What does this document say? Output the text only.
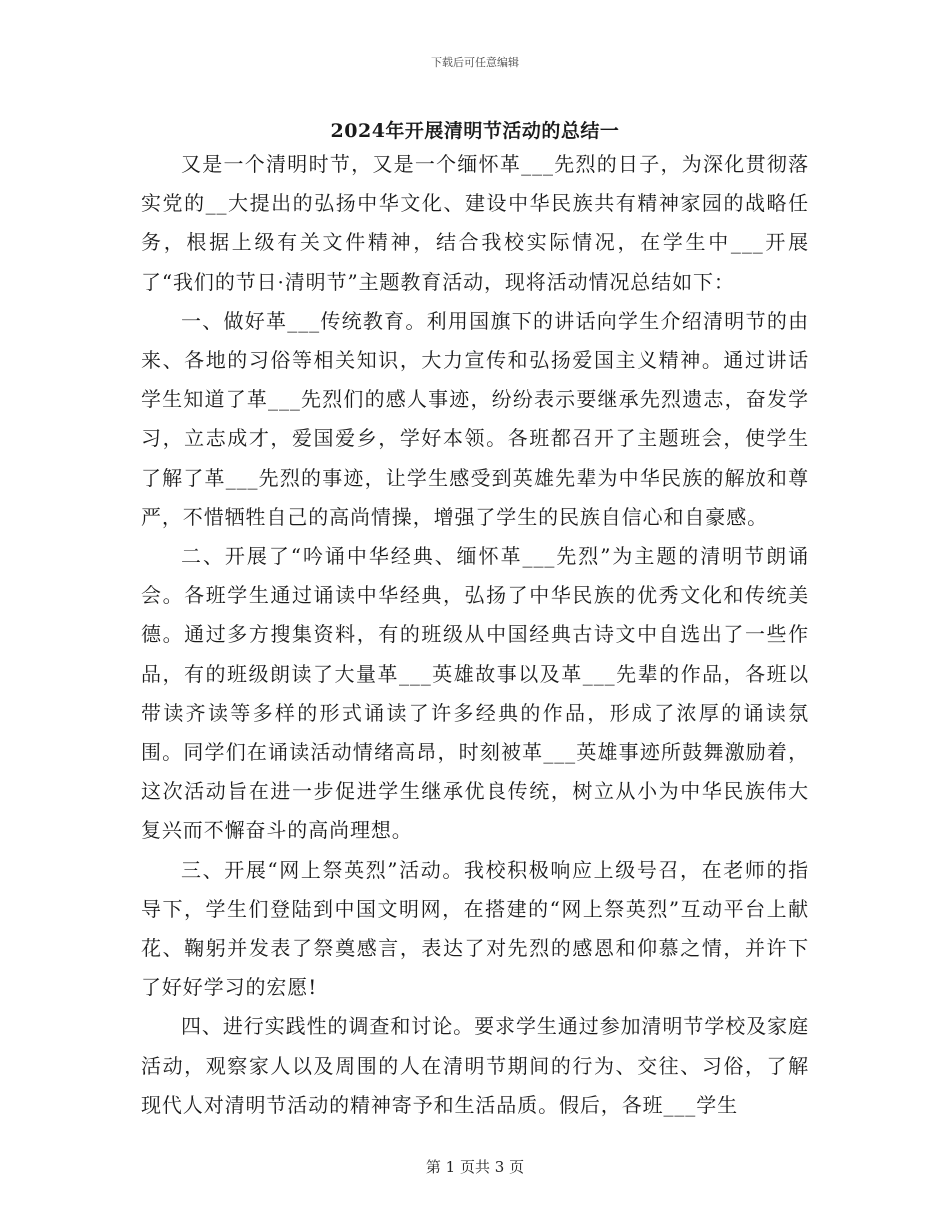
下载后可任意编辑
2024年开展清明节活动的总结一

又是一个清明时节，又是一个缅怀革___先烈的日子，为深化贯彻落实党的__大提出的弘扬中华文化、建设中华民族共有精神家园的战略任务，根据上级有关文件精神，结合我校实际情况，在学生中___开展了“我们的节日·清明节”主题教育活动，现将活动情况总结如下：

一、做好革___传统教育。利用国旗下的讲话向学生介绍清明节的由来、各地的习俗等相关知识，大力宣传和弘扬爱国主义精神。通过讲话学生知道了革___先烈们的感人事迹，纷纷表示要继承先烈遗志，奋发学习，立志成才，爱国爱乡，学好本领。各班都召开了主题班会，使学生了解了革___先烈的事迹，让学生感受到英雄先辈为中华民族的解放和尊严，不惜牺牲自己的高尚情操，增强了学生的民族自信心和自豪感。

二、开展了“吟诵中华经典、缅怀革___先烈”为主题的清明节朗诵会。各班学生通过诵读中华经典，弘扬了中华民族的优秀文化和传统美德。通过多方搜集资料，有的班级从中国经典古诗文中自选出了一些作品，有的班级朗读了大量革___英雄故事以及革___先辈的作品，各班以带读齐读等多样的形式诵读了许多经典的作品，形成了浓厚的诵读氛围。同学们在诵读活动情绪高昂，时刻被革___英雄事迹所鼓舞激励着，这次活动旨在进一步促进学生继承优良传统，树立从小为中华民族伟大复兴而不懈奋斗的高尚理想。

三、开展“网上祭英烈”活动。我校积极响应上级号召，在老师的指导下，学生们登陆到中国文明网，在搭建的“网上祭英烈”互动平台上献花、鞠躬并发表了祭奠感言，表达了对先烈的感恩和仰慕之情，并许下了好好学习的宏愿!

四、进行实践性的调查和讨论。要求学生通过参加清明节学校及家庭活动，观察家人以及周围的人在清明节期间的行为、交往、习俗，了解现代人对清明节活动的精神寄予和生活品质。假后，各班___学生

第 1 页共 3 页
